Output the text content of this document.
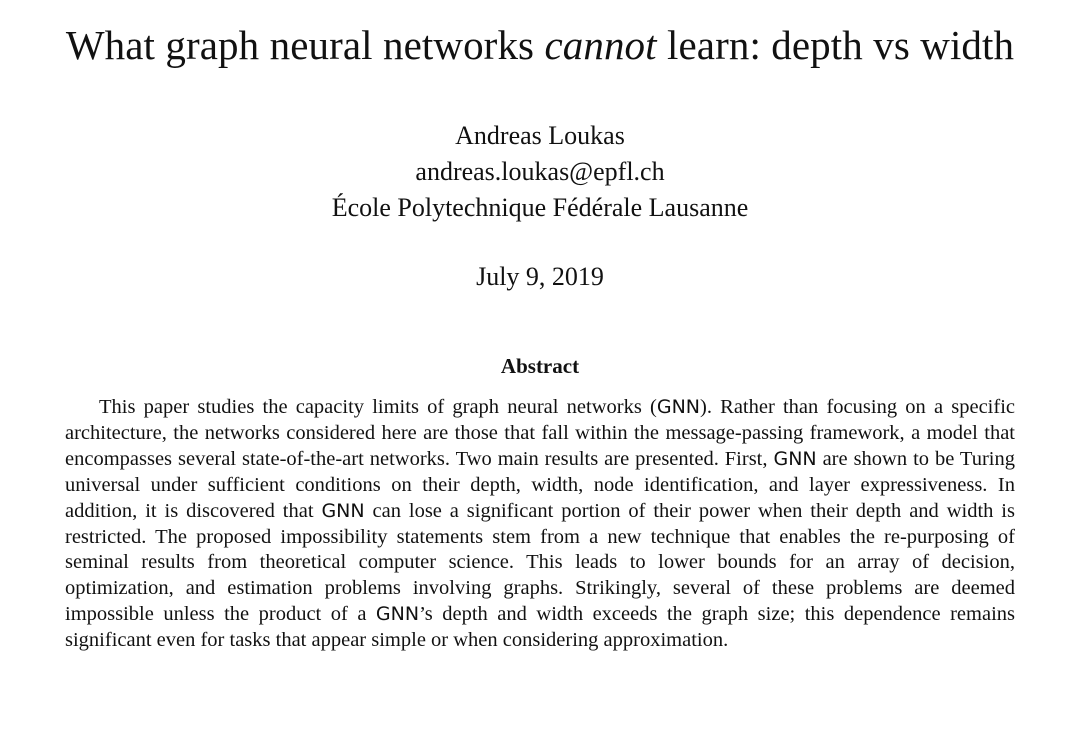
What graph neural networks cannot learn: depth vs width
Andreas Loukas
andreas.loukas@epfl.ch
École Polytechnique Fédérale Lausanne
July 9, 2019
Abstract

This paper studies the capacity limits of graph neural networks (GNN). Rather than focusing on a specific architecture, the networks considered here are those that fall within the message-passing framework, a model that encompasses several state-of-the-art networks. Two main results are presented. First, GNN are shown to be Turing universal under sufficient conditions on their depth, width, node identification, and layer expressiveness. In addition, it is discovered that GNN can lose a significant portion of their power when their depth and width is restricted. The proposed impossibility statements stem from a new technique that enables the re-purposing of seminal results from theoretical computer science. This leads to lower bounds for an array of decision, optimization, and estimation problems involving graphs. Strikingly, several of these problems are deemed impossible unless the product of a GNN’s depth and width exceeds the graph size; this dependence remains significant even for tasks that appear simple or when considering approximation.
